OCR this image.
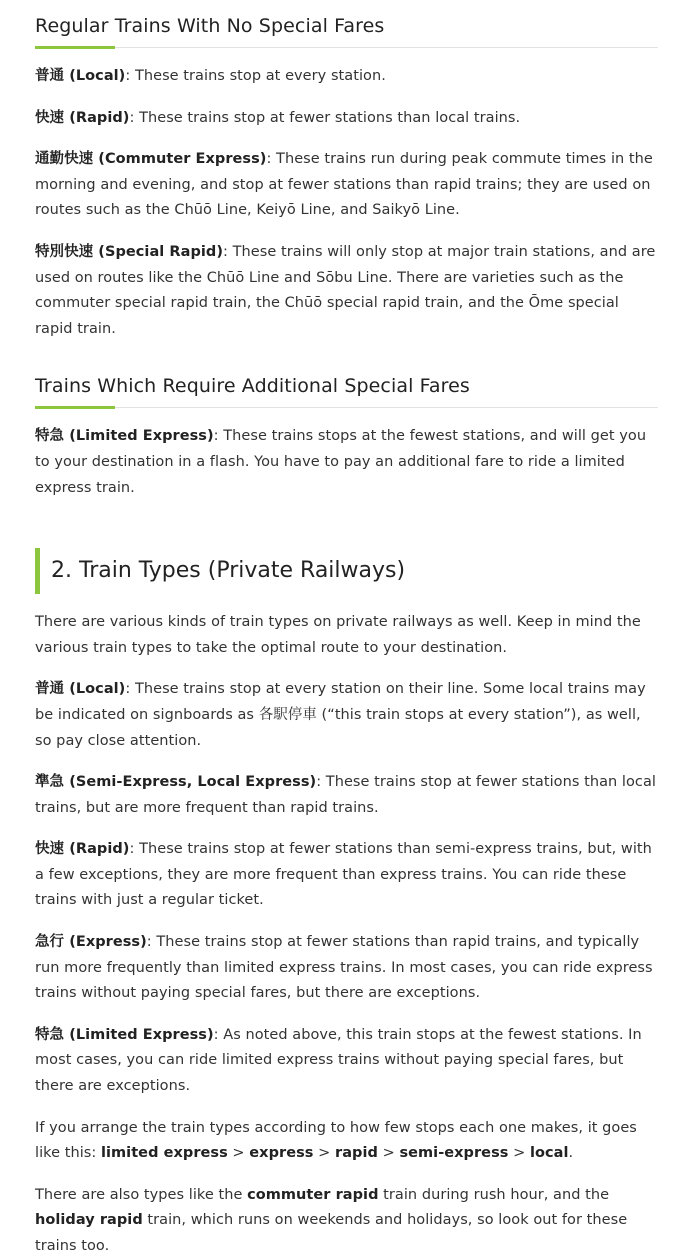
Regular Trains With No Special Fares

普通 (Local): These trains stop at every station.

快速 (Rapid): These trains stop at fewer stations than local trains.

通勤快速 (Commuter Express): These trains run during peak commute times in the morning and evening, and stop at fewer stations than rapid trains; they are used on routes such as the Chūō Line, Keiyō Line, and Saikyō Line.

特別快速 (Special Rapid): These trains will only stop at major train stations, and are used on routes like the Chūō Line and Sōbu Line. There are varieties such as the commuter special rapid train, the Chūō special rapid train, and the Ōme special rapid train.

Trains Which Require Additional Special Fares

特急 (Limited Express): These trains stops at the fewest stations, and will get you to your destination in a flash. You have to pay an additional fare to ride a limited express train.

2. Train Types (Private Railways)

There are various kinds of train types on private railways as well. Keep in mind the various train types to take the optimal route to your destination.

普通 (Local): These trains stop at every station on their line. Some local trains may be indicated on signboards as 各駅停車 (“this train stops at every station”), as well, so pay close attention.

準急 (Semi-Express, Local Express): These trains stop at fewer stations than local trains, but are more frequent than rapid trains.

快速 (Rapid): These trains stop at fewer stations than semi-express trains, but, with a few exceptions, they are more frequent than express trains. You can ride these trains with just a regular ticket.

急行 (Express): These trains stop at fewer stations than rapid trains, and typically run more frequently than limited express trains. In most cases, you can ride express trains without paying special fares, but there are exceptions.

特急 (Limited Express): As noted above, this train stops at the fewest stations. In most cases, you can ride limited express trains without paying special fares, but there are exceptions.

If you arrange the train types according to how few stops each one makes, it goes like this: limited express > express > rapid > semi-express > local.

There are also types like the commuter rapid train during rush hour, and the holiday rapid train, which runs on weekends and holidays, so look out for these trains too.
